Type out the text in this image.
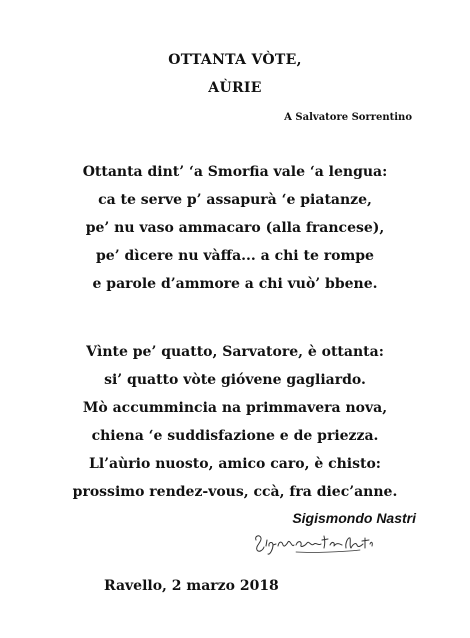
OTTANTA VÒTE,
AÙRIE
A Salvatore Sorrentino
Ottanta dint’ ‘a Smorfia vale ‘a lengua:
ca te serve p’ assapurà ‘e piatanze,
pe’ nu vaso ammacaro (alla francese),
pe’ dìcere nu vàffa... a chi te rompe
e parole d’ammore a chi vuò’ bbene.
Vìnte pe’ quatto, Sarvatore, è ottanta:
si’ quatto vòte gióvene gagliardo.
Mò accummincia na primmavera nova,
chiena ‘e suddisfazione e de priezza.
Ll’aùrio nuosto, amico caro, è chisto:
prossimo rendez-vous, ccà, fra diec’anne.
Sigismondo Nastri
Ravello, 2 marzo 2018
